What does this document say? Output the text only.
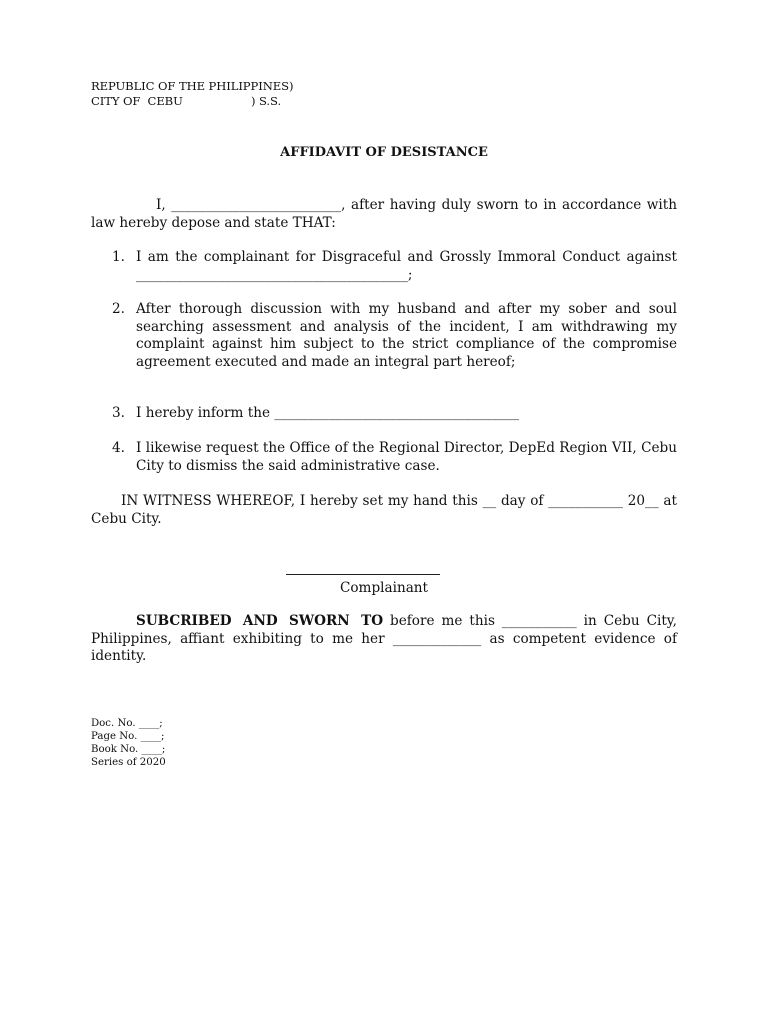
REPUBLIC OF THE PHILIPPINES)
CITY OF  CEBU	) S.S.
AFFIDAVIT OF DESISTANCE
I, _________________________, after having duly sworn to in accordance with law hereby depose and state THAT:
1. I am the complainant for Disgraceful and Grossly Immoral Conduct against ________________________________________;
2. After thorough discussion with my husband and after my sober and soul searching assessment and analysis of the incident, I am withdrawing my complaint against him subject to the strict compliance of the compromise agreement executed and made an integral part hereof;
3. I hereby inform the ____________________________________
4. I likewise request the Office of the Regional Director, DepEd Region VII, Cebu City to dismiss the said administrative case.
IN WITNESS WHEREOF, I hereby set my hand this __ day of ___________ 20__ at Cebu City.
Complainant
SUBCRIBED AND SWORN TO before me this ___________ in Cebu City, Philippines, affiant exhibiting to me her _____________ as competent evidence of identity.
Doc. No. ____;
Page No. ____;
Book No. ____;
Series of 2020
